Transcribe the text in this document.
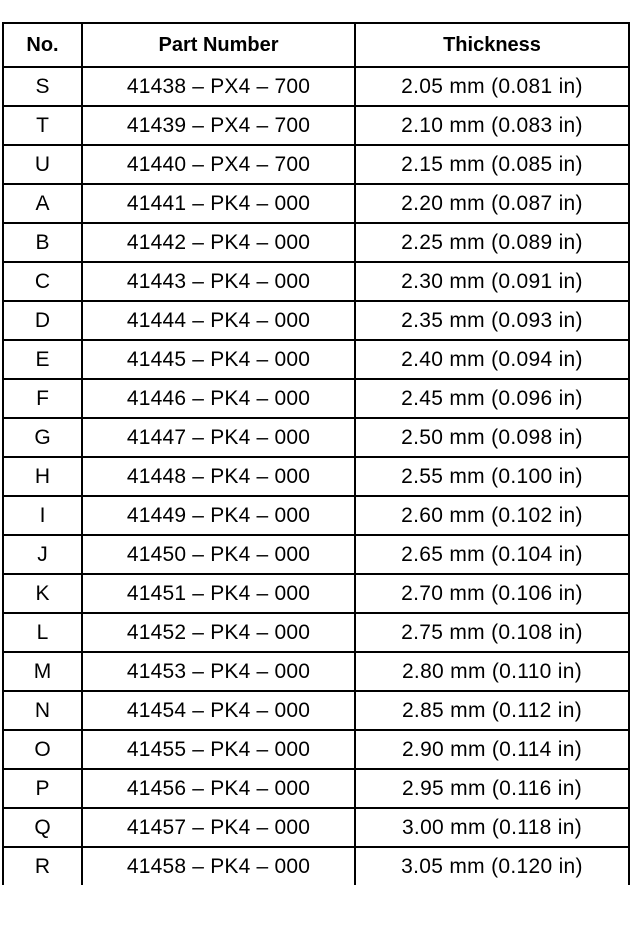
No.	Part Number	Thickness
S	41438 – PX4 – 700	2.05 mm (0.081 in)
T	41439 – PX4 – 700	2.10 mm (0.083 in)
U	41440 – PX4 – 700	2.15 mm (0.085 in)
A	41441 – PK4 – 000	2.20 mm (0.087 in)
B	41442 – PK4 – 000	2.25 mm (0.089 in)
C	41443 – PK4 – 000	2.30 mm (0.091 in)
D	41444 – PK4 – 000	2.35 mm (0.093 in)
E	41445 – PK4 – 000	2.40 mm (0.094 in)
F	41446 – PK4 – 000	2.45 mm (0.096 in)
G	41447 – PK4 – 000	2.50 mm (0.098 in)
H	41448 – PK4 – 000	2.55 mm (0.100 in)
I	41449 – PK4 – 000	2.60 mm (0.102 in)
J	41450 – PK4 – 000	2.65 mm (0.104 in)
K	41451 – PK4 – 000	2.70 mm (0.106 in)
L	41452 – PK4 – 000	2.75 mm (0.108 in)
M	41453 – PK4 – 000	2.80 mm (0.110 in)
N	41454 – PK4 – 000	2.85 mm (0.112 in)
O	41455 – PK4 – 000	2.90 mm (0.114 in)
P	41456 – PK4 – 000	2.95 mm (0.116 in)
Q	41457 – PK4 – 000	3.00 mm (0.118 in)
R	41458 – PK4 – 000	3.05 mm (0.120 in)
